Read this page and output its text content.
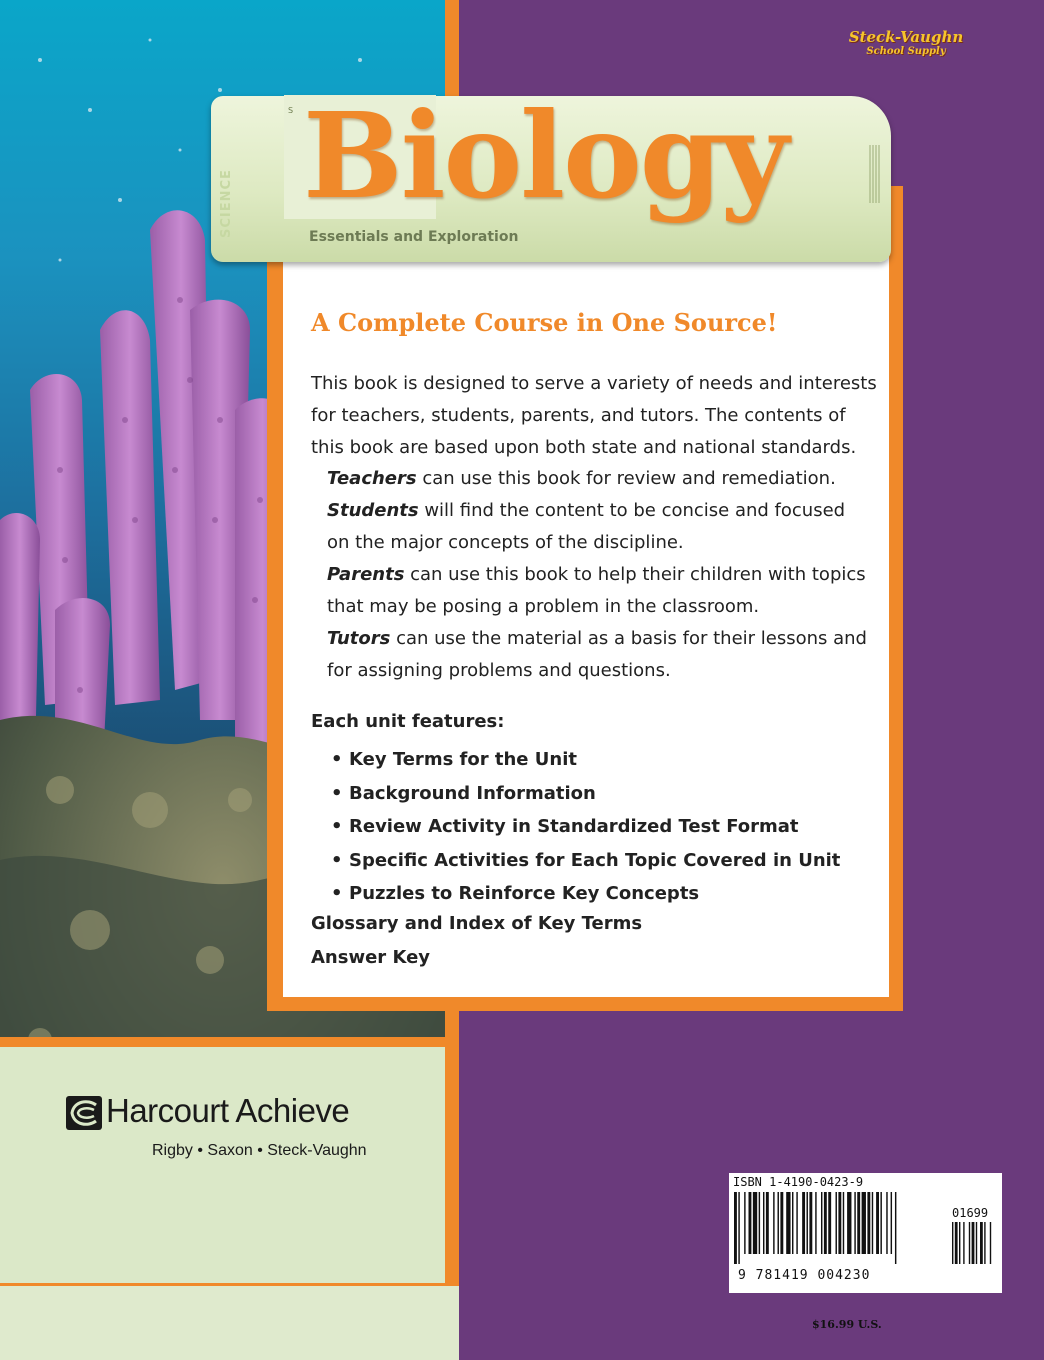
Steck-Vaughn
School Supply
SCIENCE
S Biology
Essentials and Exploration
A Complete Course in One Source!
This book is designed to serve a variety of needs and interests for teachers, students, parents, and tutors. The contents of this book are based upon both state and national standards.

Teachers can use this book for review and remediation.

Students will find the content to be concise and focused on the major concepts of the discipline.

Parents can use this book to help their children with topics that may be posing a problem in the classroom.

Tutors can use the material as a basis for their lessons and for assigning problems and questions.

Each unit features:
• Key Terms for the Unit
• Background Information
• Review Activity in Standardized Test Format
• Specific Activities for Each Topic Covered in Unit
• Puzzles to Reinforce Key Concepts
Glossary and Index of Key Terms
Answer Key
Harcourt Achieve
Rigby • Saxon • Steck-Vaughn
ISBN 1-4190-0423-9
01699
9 781419 004230
$16.99 U.S.
